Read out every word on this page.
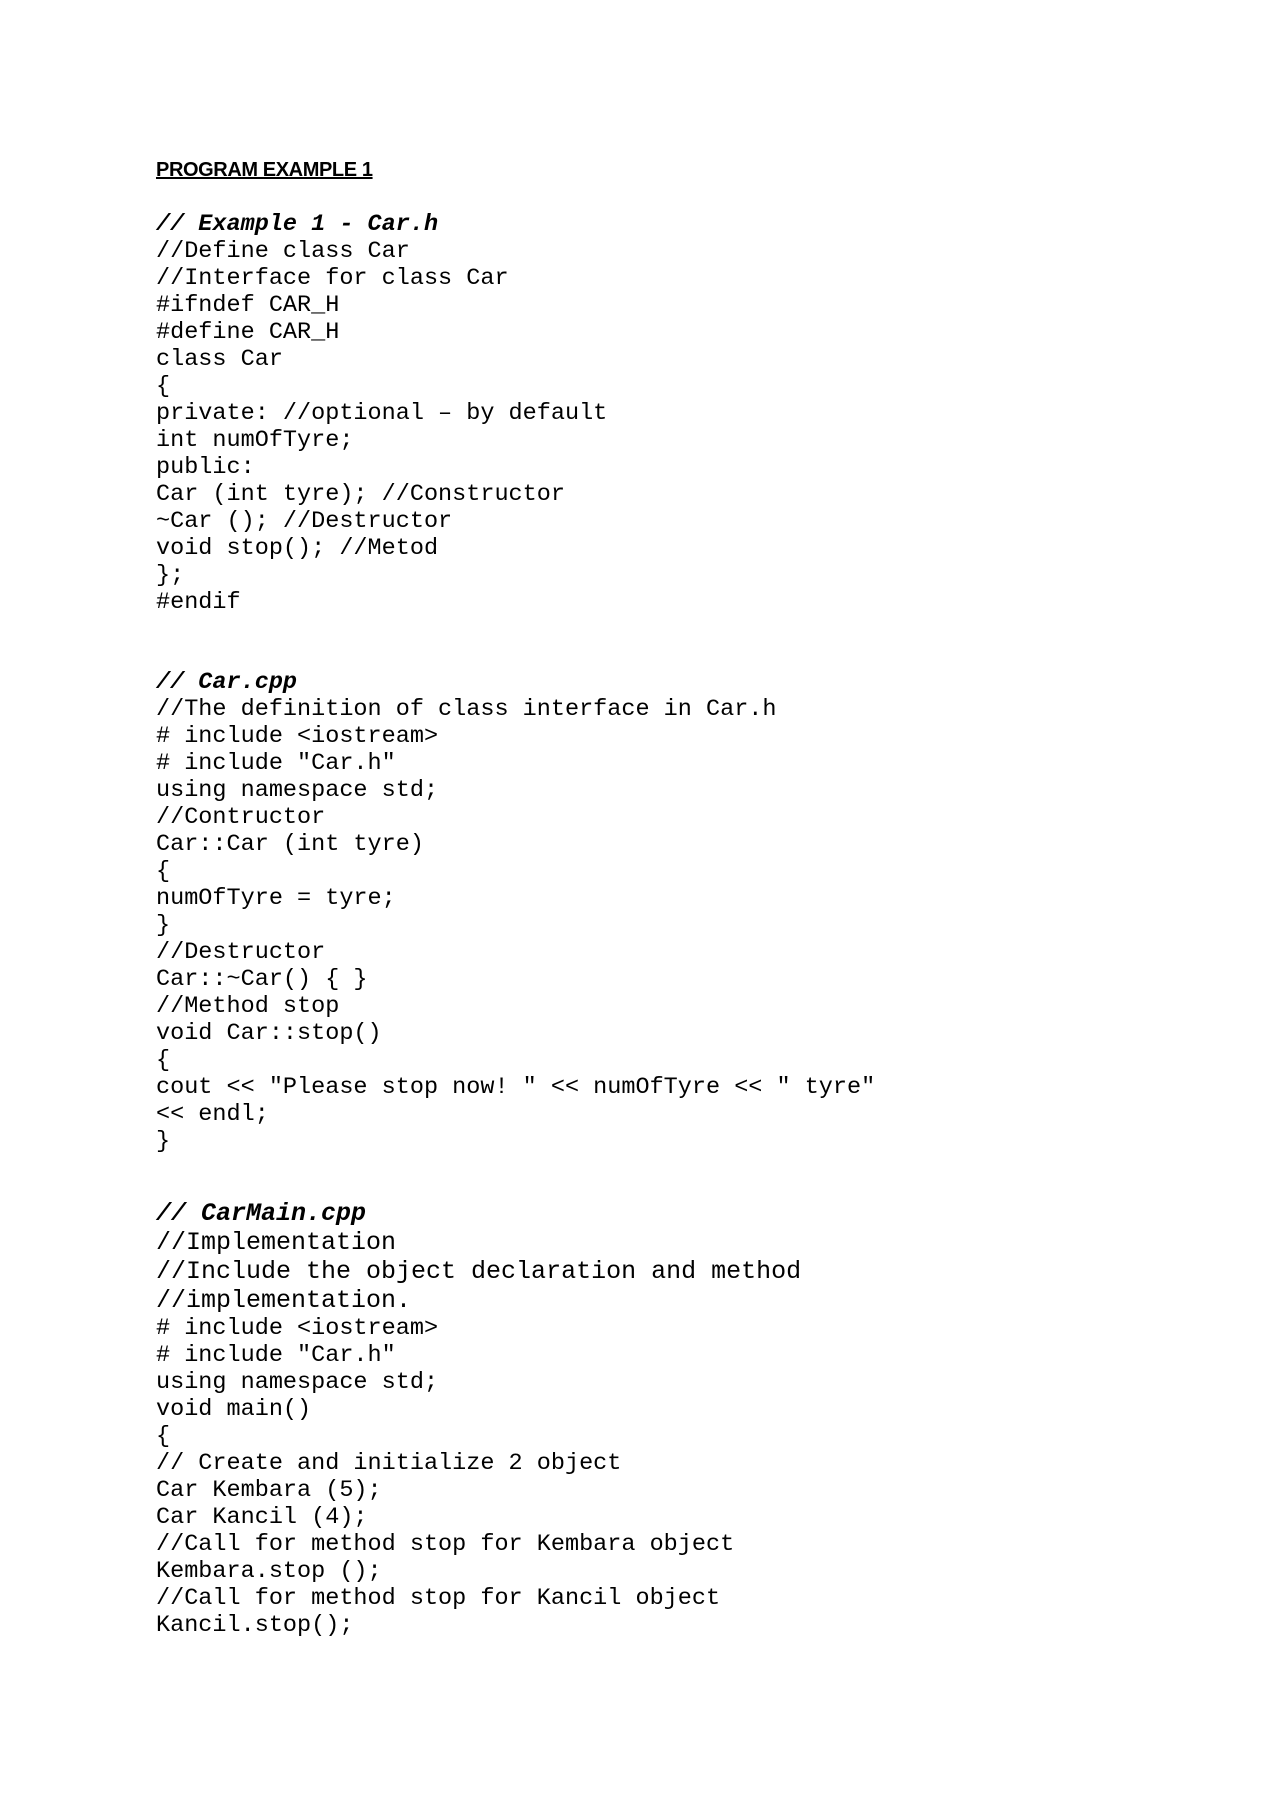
PROGRAM EXAMPLE 1
// Example 1 - Car.h
//Define class Car
//Interface for class Car
#ifndef CAR_H
#define CAR_H
class Car
{
private: //optional – by default
int numOfTyre;
public:
Car (int tyre); //Constructor
~Car (); //Destructor
void stop(); //Metod
};
#endif
// Car.cpp
//The definition of class interface in Car.h
# include <iostream>
# include "Car.h"
using namespace std;
//Contructor
Car::Car (int tyre)
{
numOfTyre = tyre;
}
//Destructor
Car::~Car() { }
//Method stop
void Car::stop()
{
cout << "Please stop now! " << numOfTyre << " tyre"
<< endl;
}
// CarMain.cpp
//Implementation
//Include the object declaration and method
//implementation.
# include <iostream>
# include "Car.h"
using namespace std;
void main()
{
// Create and initialize 2 object
Car Kembara (5);
Car Kancil (4);
//Call for method stop for Kembara object
Kembara.stop ();
//Call for method stop for Kancil object
Kancil.stop();
